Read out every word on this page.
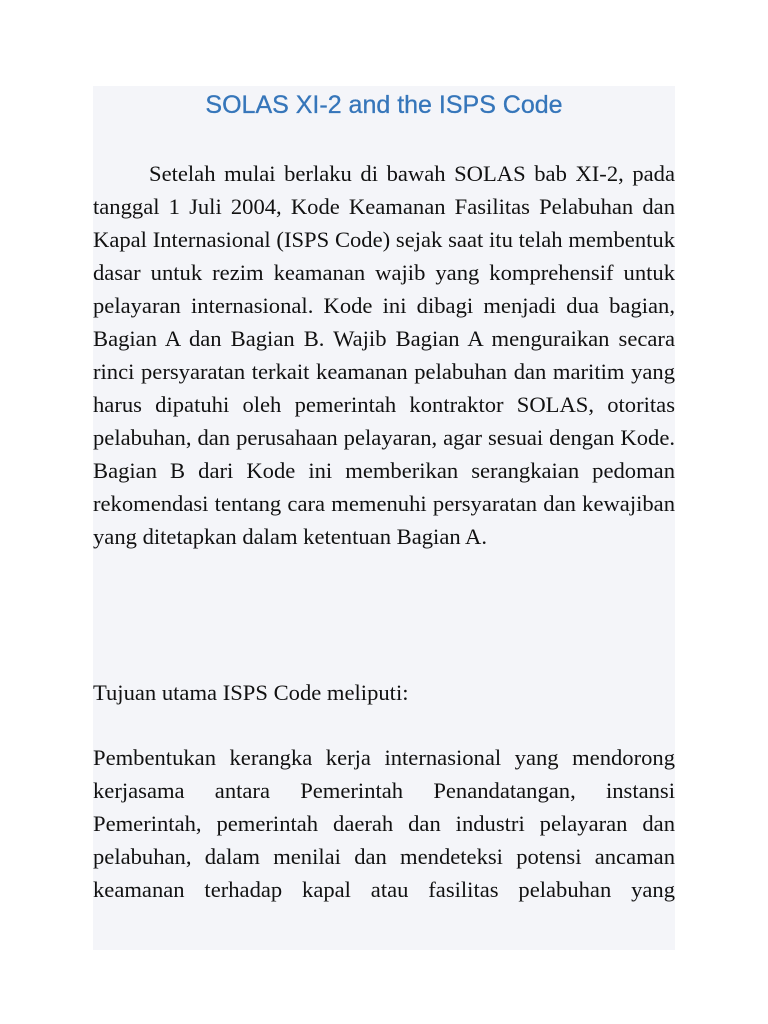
SOLAS XI-2 and the ISPS Code

Setelah mulai berlaku di bawah SOLAS bab XI-2, pada tanggal 1 Juli 2004, Kode Keamanan Fasilitas Pelabuhan dan Kapal Internasional (ISPS Code) sejak saat itu telah membentuk dasar untuk rezim keamanan wajib yang komprehensif untuk pelayaran internasional. Kode ini dibagi menjadi dua bagian, Bagian A dan Bagian B. Wajib Bagian A menguraikan secara rinci persyaratan terkait keamanan pelabuhan dan maritim yang harus dipatuhi oleh pemerintah kontraktor SOLAS, otoritas pelabuhan, dan perusahaan pelayaran, agar sesuai dengan Kode. Bagian B dari Kode ini memberikan serangkaian pedoman rekomendasi tentang cara memenuhi persyaratan dan kewajiban yang ditetapkan dalam ketentuan Bagian A.

Tujuan utama ISPS Code meliputi:

Pembentukan kerangka kerja internasional yang mendorong kerjasama antara Pemerintah Penandatangan, instansi Pemerintah, pemerintah daerah dan industri pelayaran dan pelabuhan, dalam menilai dan mendeteksi potensi ancaman keamanan terhadap kapal atau fasilitas pelabuhan yang
